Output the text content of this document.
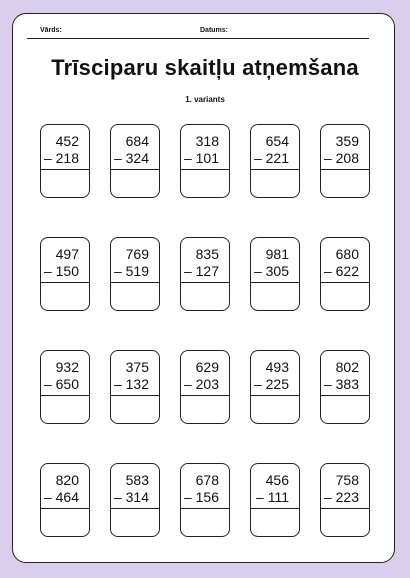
Vārds:	Datums:
Trīsciparu skaitļu atņemšana
1. variants
452
– 218
684
– 324
318
– 101
654
– 221
359
– 208
497
– 150
769
– 519
835
– 127
981
– 305
680
– 622
932
– 650
375
– 132
629
– 203
493
– 225
802
– 383
820
– 464
583
– 314
678
– 156
456
– 111
758
– 223
